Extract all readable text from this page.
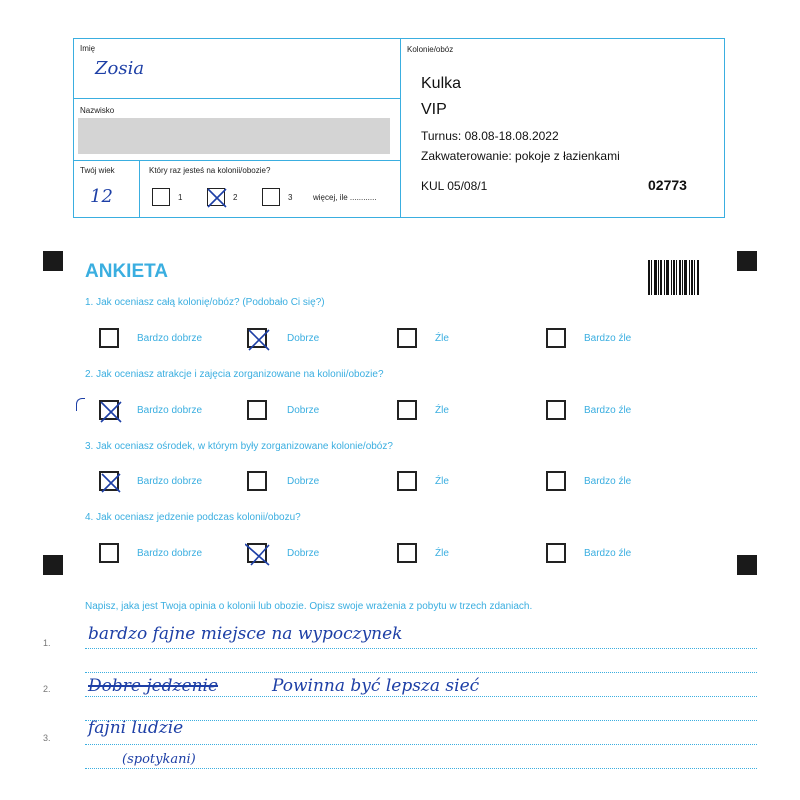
Imię
Zosia
Nazwisko
Twój wiek
12
Który raz jesteś na kolonii/obozie?
1	2	3	więcej, ile ............
Kolonie/obóz
Kulka
VIP
Turnus: 08.08-18.08.2022
Zakwaterowanie: pokoje z łazienkami
KUL 05/08/1	02773
ANKIETA
1. Jak oceniasz całą kolonię/obóz? (Podobało Ci się?)
Bardzo dobrze	Dobrze	Źle	Bardzo źle
2. Jak oceniasz atrakcje i zajęcia zorganizowane na kolonii/obozie?
Bardzo dobrze	Dobrze	Źle	Bardzo źle
3. Jak oceniasz ośrodek, w którym były zorganizowane kolonie/obóz?
Bardzo dobrze	Dobrze	Źle	Bardzo źle
4. Jak oceniasz jedzenie podczas kolonii/obozu?
Bardzo dobrze	Dobrze	Źle	Bardzo źle
Napisz, jaka jest Twoja opinia o kolonii lub obozie. Opisz swoje wrażenia z pobytu w trzech zdaniach.
1. bardzo fajne miejsce na wypoczynek
2. Dobre jedzenie	Powinna być lepsza sieć
3. fajni ludzie
(spotykani)
